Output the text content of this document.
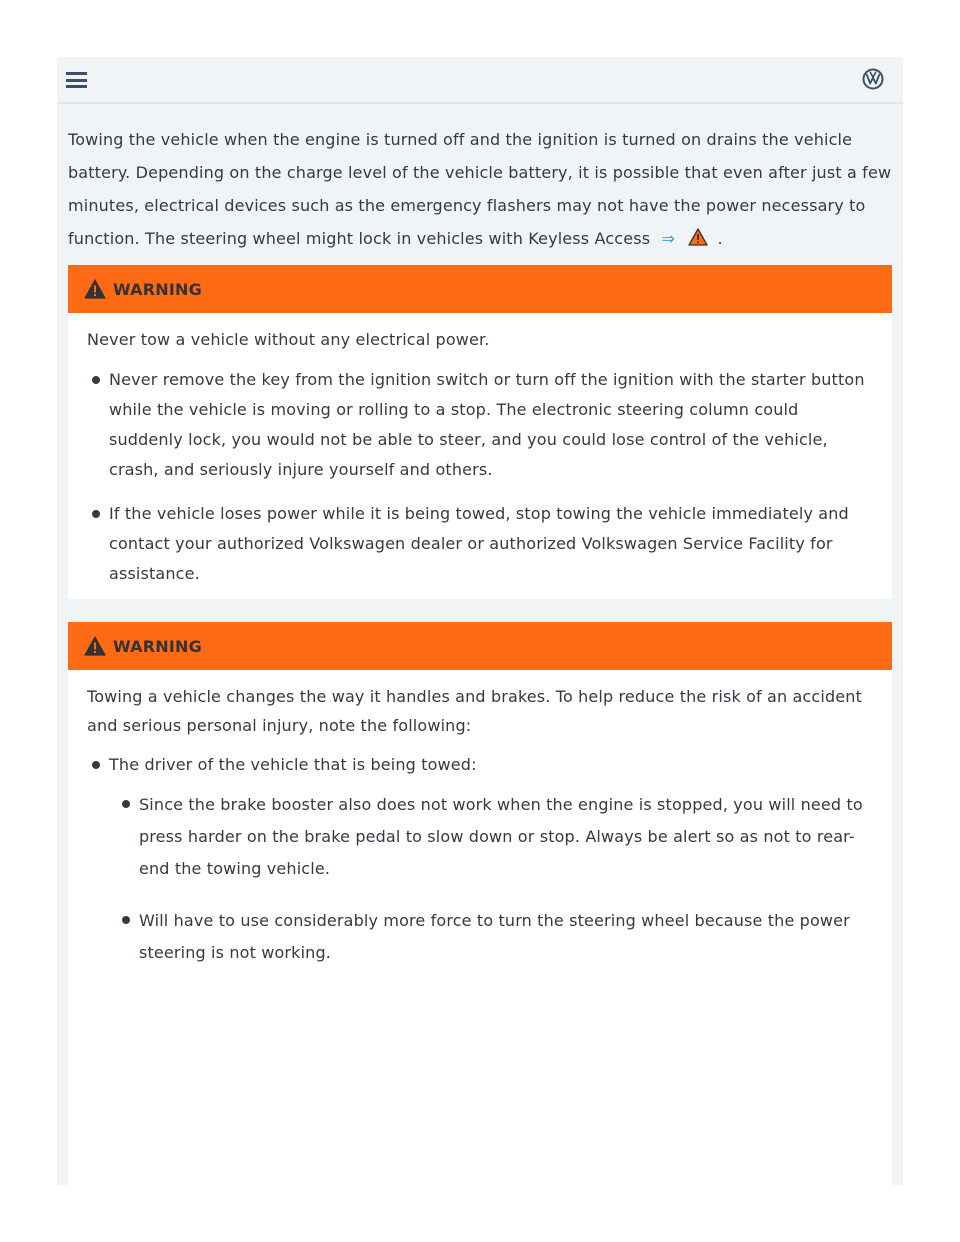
Towing the vehicle when the engine is turned off and the ignition is turned on drains the vehicle battery. Depending on the charge level of the vehicle battery, it is possible that even after just a few minutes, electrical devices such as the emergency flashers may not have the power necessary to function. The steering wheel might lock in vehicles with Keyless Access ⇒	.
WARNING

Never tow a vehicle without any electrical power.

Never remove the key from the ignition switch or turn off the ignition with the starter button while the vehicle is moving or rolling to a stop. The electronic steering column could suddenly lock, you would not be able to steer, and you could lose control of the vehicle, crash, and seriously injure yourself and others.
If the vehicle loses power while it is being towed, stop towing the vehicle immediately and contact your authorized Volkswagen dealer or authorized Volkswagen Service Facility for assistance.
WARNING

Towing a vehicle changes the way it handles and brakes. To help reduce the risk of an accident and serious personal injury, note the following:

The driver of the vehicle that is being towed:
Since the brake booster also does not work when the engine is stopped, you will need to press harder on the brake pedal to slow down or stop. Always be alert so as not to rear-end the towing vehicle.
Will have to use considerably more force to turn the steering wheel because the power steering is not working.
